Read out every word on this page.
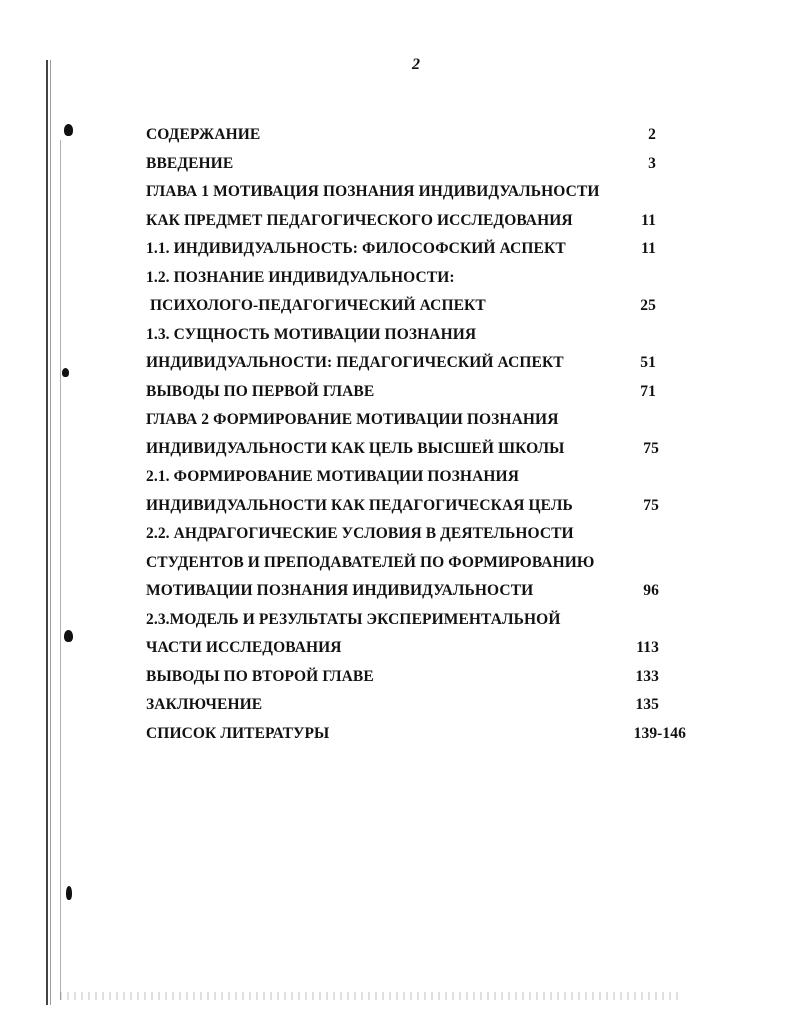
2
СОДЕРЖАНИЕ	2
ВВЕДЕНИЕ	3
ГЛАВА 1 МОТИВАЦИЯ ПОЗНАНИЯ ИНДИВИДУАЛЬНОСТИ
КАК ПРЕДМЕТ ПЕДАГОГИЧЕСКОГО ИССЛЕДОВАНИЯ	11
1.1. ИНДИВИДУАЛЬНОСТЬ: ФИЛОСОФСКИЙ АСПЕКТ	11
1.2. ПОЗНАНИЕ ИНДИВИДУАЛЬНОСТИ:
ПСИХОЛОГО-ПЕДАГОГИЧЕСКИЙ АСПЕКТ	25
1.3. СУЩНОСТЬ МОТИВАЦИИ ПОЗНАНИЯ
ИНДИВИДУАЛЬНОСТИ: ПЕДАГОГИЧЕСКИЙ АСПЕКТ	51
ВЫВОДЫ ПО ПЕРВОЙ ГЛАВЕ	71
ГЛАВА 2 ФОРМИРОВАНИЕ МОТИВАЦИИ ПОЗНАНИЯ
ИНДИВИДУАЛЬНОСТИ КАК ЦЕЛЬ ВЫСШЕЙ ШКОЛЫ	75
2.1. ФОРМИРОВАНИЕ МОТИВАЦИИ ПОЗНАНИЯ
ИНДИВИДУАЛЬНОСТИ КАК ПЕДАГОГИЧЕСКАЯ ЦЕЛЬ	75
2.2. АНДРАГОГИЧЕСКИЕ УСЛОВИЯ В ДЕЯТЕЛЬНОСТИ
СТУДЕНТОВ И ПРЕПОДАВАТЕЛЕЙ ПО ФОРМИРОВАНИЮ
МОТИВАЦИИ ПОЗНАНИЯ ИНДИВИДУАЛЬНОСТИ	96
2.3.МОДЕЛЬ И РЕЗУЛЬТАТЫ ЭКСПЕРИМЕНТАЛЬНОЙ
ЧАСТИ ИССЛЕДОВАНИЯ	113
ВЫВОДЫ ПО ВТОРОЙ ГЛАВЕ	133
ЗАКЛЮЧЕНИЕ	135
СПИСОК ЛИТЕРАТУРЫ	139-146
